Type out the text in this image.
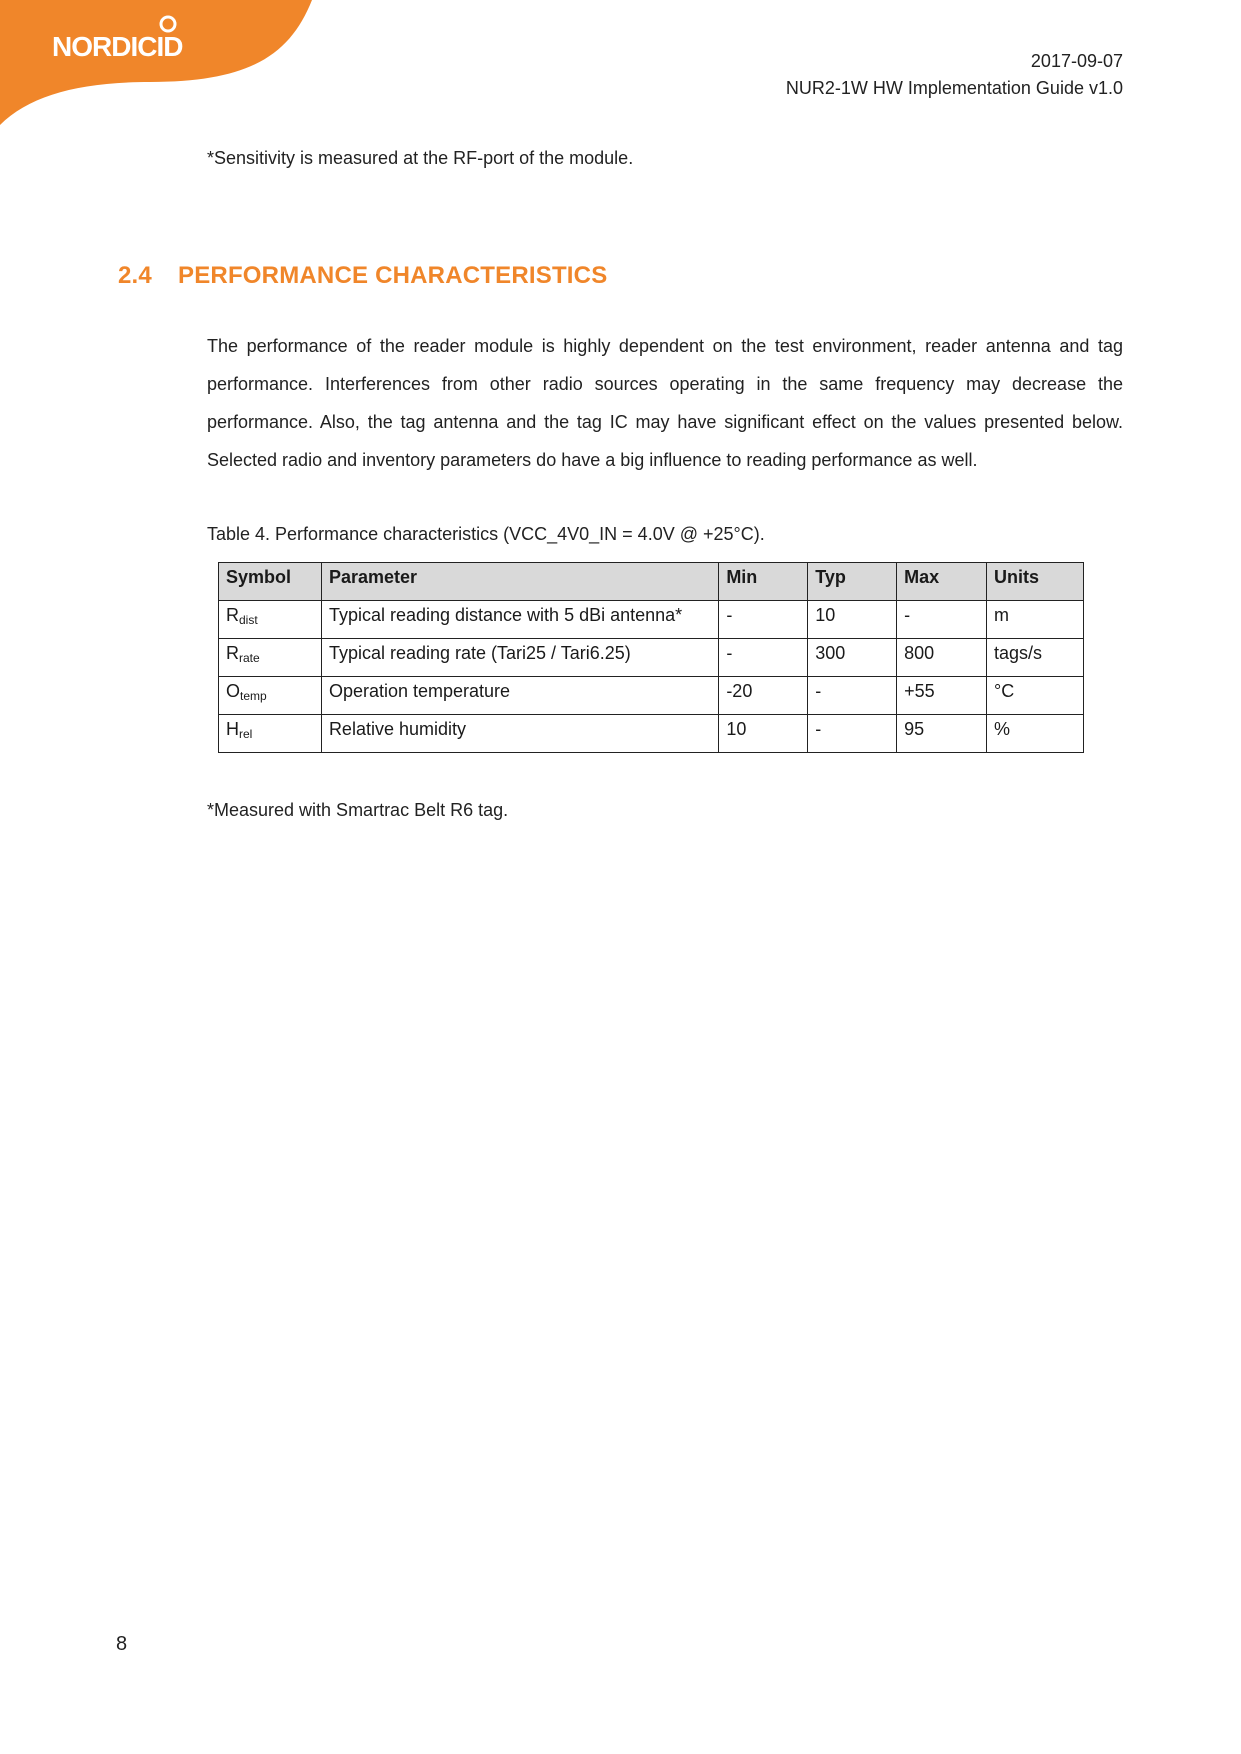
NORDICID	2017-09-07
NUR2-1W HW Implementation Guide v1.0
*Sensitivity is measured at the RF-port of the module.
2.4 PERFORMANCE CHARACTERISTICS
The performance of the reader module is highly dependent on the test environment, reader antenna and tag performance. Interferences from other radio sources operating in the same frequency may decrease the performance. Also, the tag antenna and the tag IC may have significant effect on the values presented below. Selected radio and inventory parameters do have a big influence to reading performance as well.
Table 4. Performance characteristics (VCC_4V0_IN = 4.0V @ +25°C).
Symbol	Parameter	Min	Typ	Max	Units
Rdist	Typical reading distance with 5 dBi antenna*	-	10	-	m
Rrate	Typical reading rate (Tari25 / Tari6.25)	-	300	800	tags/s
Otemp	Operation temperature	-20	-	+55	°C
Hrel	Relative humidity	10	-	95	%
*Measured with Smartrac Belt R6 tag.
8
